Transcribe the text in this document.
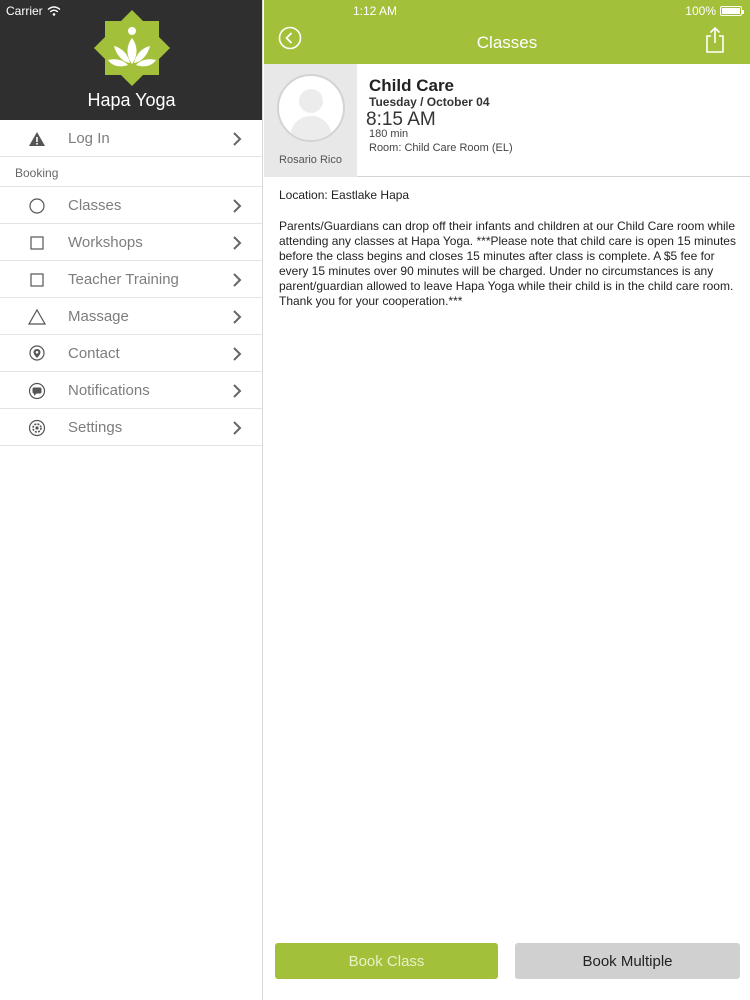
Carrier	1:12 AM	100%
Hapa Yoga
Log In
Booking
Classes
Workshops
Teacher Training
Massage
Contact
Notifications
Settings
Classes
Rosario Rico
Child Care
Tuesday / October 04
8:15 AM
180 min
Room: Child Care Room (EL)
Location: Eastlake Hapa
Parents/Guardians can drop off their infants and children at our Child Care room while attending any classes at Hapa Yoga. ***Please note that child care is open 15 minutes before the class begins and closes 15 minutes after class is complete. A $5 fee for every 15 minutes over 90 minutes will be charged. Under no circumstances is any parent/guardian allowed to leave Hapa Yoga while their child is in the child care room. Thank you for your cooperation.***
Book Class	Book Multiple
